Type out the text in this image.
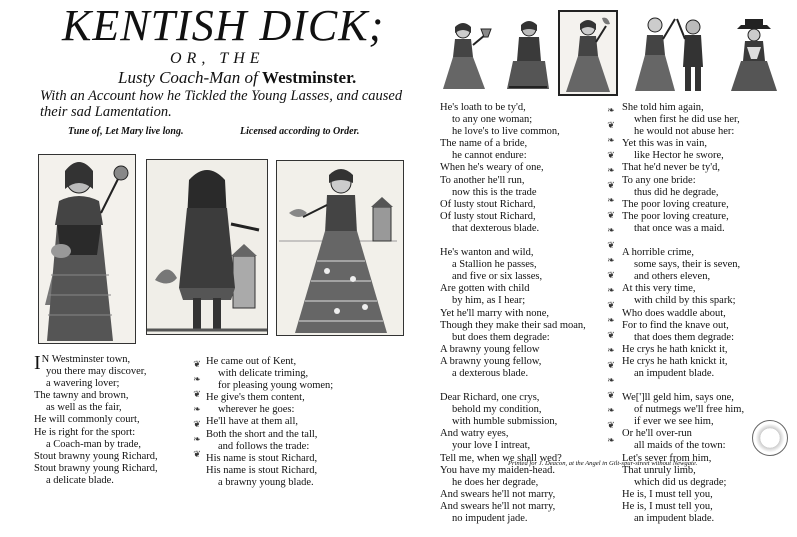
KENTISH DICK;
OR, THE
Lusty Coach-Man of Westminster.
With an Account how he Tickled the Young Lasses, and caused their sad Lamentation.
Tune of, Let Mary live long.	Licensed according to Order.
I N Westminster town,
you there may discover,
a wavering lover;
The tawny and brown,
as well as the fair,
He will commonly court,
He is right for the sport:
a Coach-man by trade,
Stout brawny young Richard,
Stout brawny young Richard,
a delicate blade.
❦
❧
❦
❧
❦
❧
❦
He came out of Kent,
with delicate triming,
for pleasing young women;
He give's them content,
wherever he goes:
He'll have at them all,
Both the short and the tall,
and follows the trade:
His name is stout Richard,
His name is stout Richard,
a brawny young blade.
He's loath to be ty'd,
to any one woman;
he love's to live common,
The name of a bride,
he cannot endure:
When he's weary of one,
To another he'll run,
now this is the trade
Of lusty stout Richard,
Of lusty stout Richard,
that dexterous blade.
He's wanton and wild,
a Stallion he passes,
and five or six lasses,
Are gotten with child
by him, as I hear;
Yet he'll marry with none,
Though they make their sad moan,
but does them degrade:
A brawny young fellow
A brawny young fellow,
a dexterous blade.
Dear Richard, one crys,
behold my condition,
with humble submission,
And watry eyes,
your love I intreat,
Tell me, when we shall wed?
You have my maiden-head.
he does her degrade,
And swears he'll not marry,
And swears he'll not marry,
no impudent jade.
❧
❦
❧
❦
❧
❦
❧
❦
❧
❦
❧
❦
❧
❦
❧
❦
❧
❦
❧
❦
❧
❦
❧
She told him again,
when first he did use her,
he would not abuse her:
Yet this was in vain,
like Hector he swore,
That he'd never be ty'd,
To any one bride:
thus did he degrade,
The poor loving creature,
The poor loving creature,
that once was a maid.
A horrible crime,
some says, their is seven,
and others eleven,
At this very time,
with child by this spark;
Who does waddle about,
For to find the knave out,
that does them degrade:
He crys he hath knickt it,
He crys he hath knickt it,
an impudent blade.
We[']ll geld him, says one,
of nutmegs we'll free him,
if ever we see him,
Or he'll over-run
all maids of the town:
Let's sever from him,
That unruly limb,
which did us degrade;
He is, I must tell you,
He is, I must tell you,
an impudent blade.
Printed for J. Deacon, at the Angel in Gilt-spur-street without Newgate.
